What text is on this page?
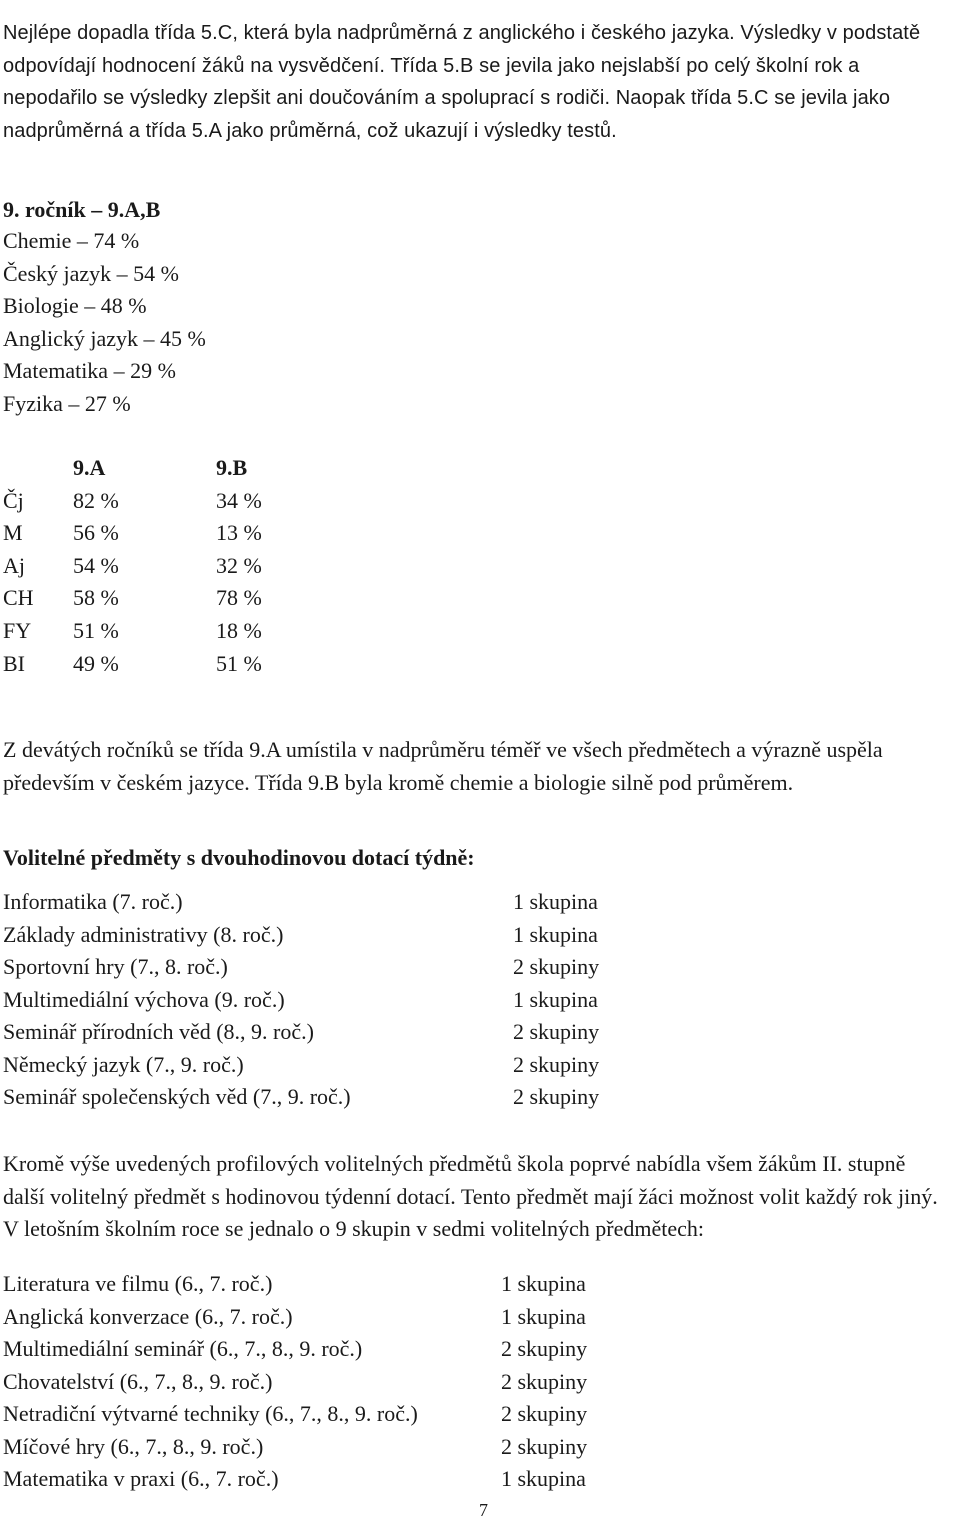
Nejlépe dopadla třída 5.C, která byla nadprůměrná z anglického i českého jazyka. Výsledky v podstatě odpovídají hodnocení žáků na vysvědčení. Třída 5.B se jevila jako nejslabší po celý školní rok a nepodařilo se výsledky zlepšit ani doučováním a spoluprací s rodiči. Naopak třída 5.C se jevila jako nadprůměrná a třída 5.A jako průměrná, což ukazují i výsledky testů.

9. ročník – 9.A,B
Chemie – 74 %
Český jazyk – 54 %
Biologie – 48 %
Anglický jazyk – 45 %
Matematika – 29 %
Fyzika – 27 %
	9.A	9.B
Čj	82 %	34 %
M	56 %	13 %
Aj	54 %	32 %
CH	58 %	78 %
FY	51 %	18 %
BI	49 %	51 %

Z devátých ročníků se třída 9.A umístila v nadprůměru téměř ve všech předmětech a výrazně uspěla především v českém jazyce. Třída 9.B byla kromě chemie a biologie silně pod průměrem.

Volitelné předměty s dvouhodinovou dotací týdně:
Informatika (7. roč.)	1 skupina
Základy administrativy (8. roč.)	1 skupina
Sportovní hry (7., 8. roč.)	2 skupiny
Multimediální výchova (9. roč.)	1 skupina
Seminář přírodních věd (8., 9. roč.)	2 skupiny
Německý jazyk (7., 9. roč.)	2 skupiny
Seminář společenských věd (7., 9. roč.)	2 skupiny

Kromě výše uvedených profilových volitelných předmětů škola poprvé nabídla všem žákům II. stupně další volitelný předmět s hodinovou týdenní dotací. Tento předmět mají žáci možnost volit každý rok jiný. V letošním školním roce se jednalo o 9 skupin v sedmi volitelných předmětech:

Literatura ve filmu (6., 7. roč.)	1 skupina
Anglická konverzace (6., 7. roč.)	1 skupina
Multimediální seminář (6., 7., 8., 9. roč.)	2 skupiny
Chovatelství (6., 7., 8., 9. roč.)	2 skupiny
Netradiční výtvarné techniky (6., 7., 8., 9. roč.)	2 skupiny
Míčové hry (6., 7., 8., 9. roč.)	2 skupiny
Matematika v praxi (6., 7. roč.)	1 skupina
7
